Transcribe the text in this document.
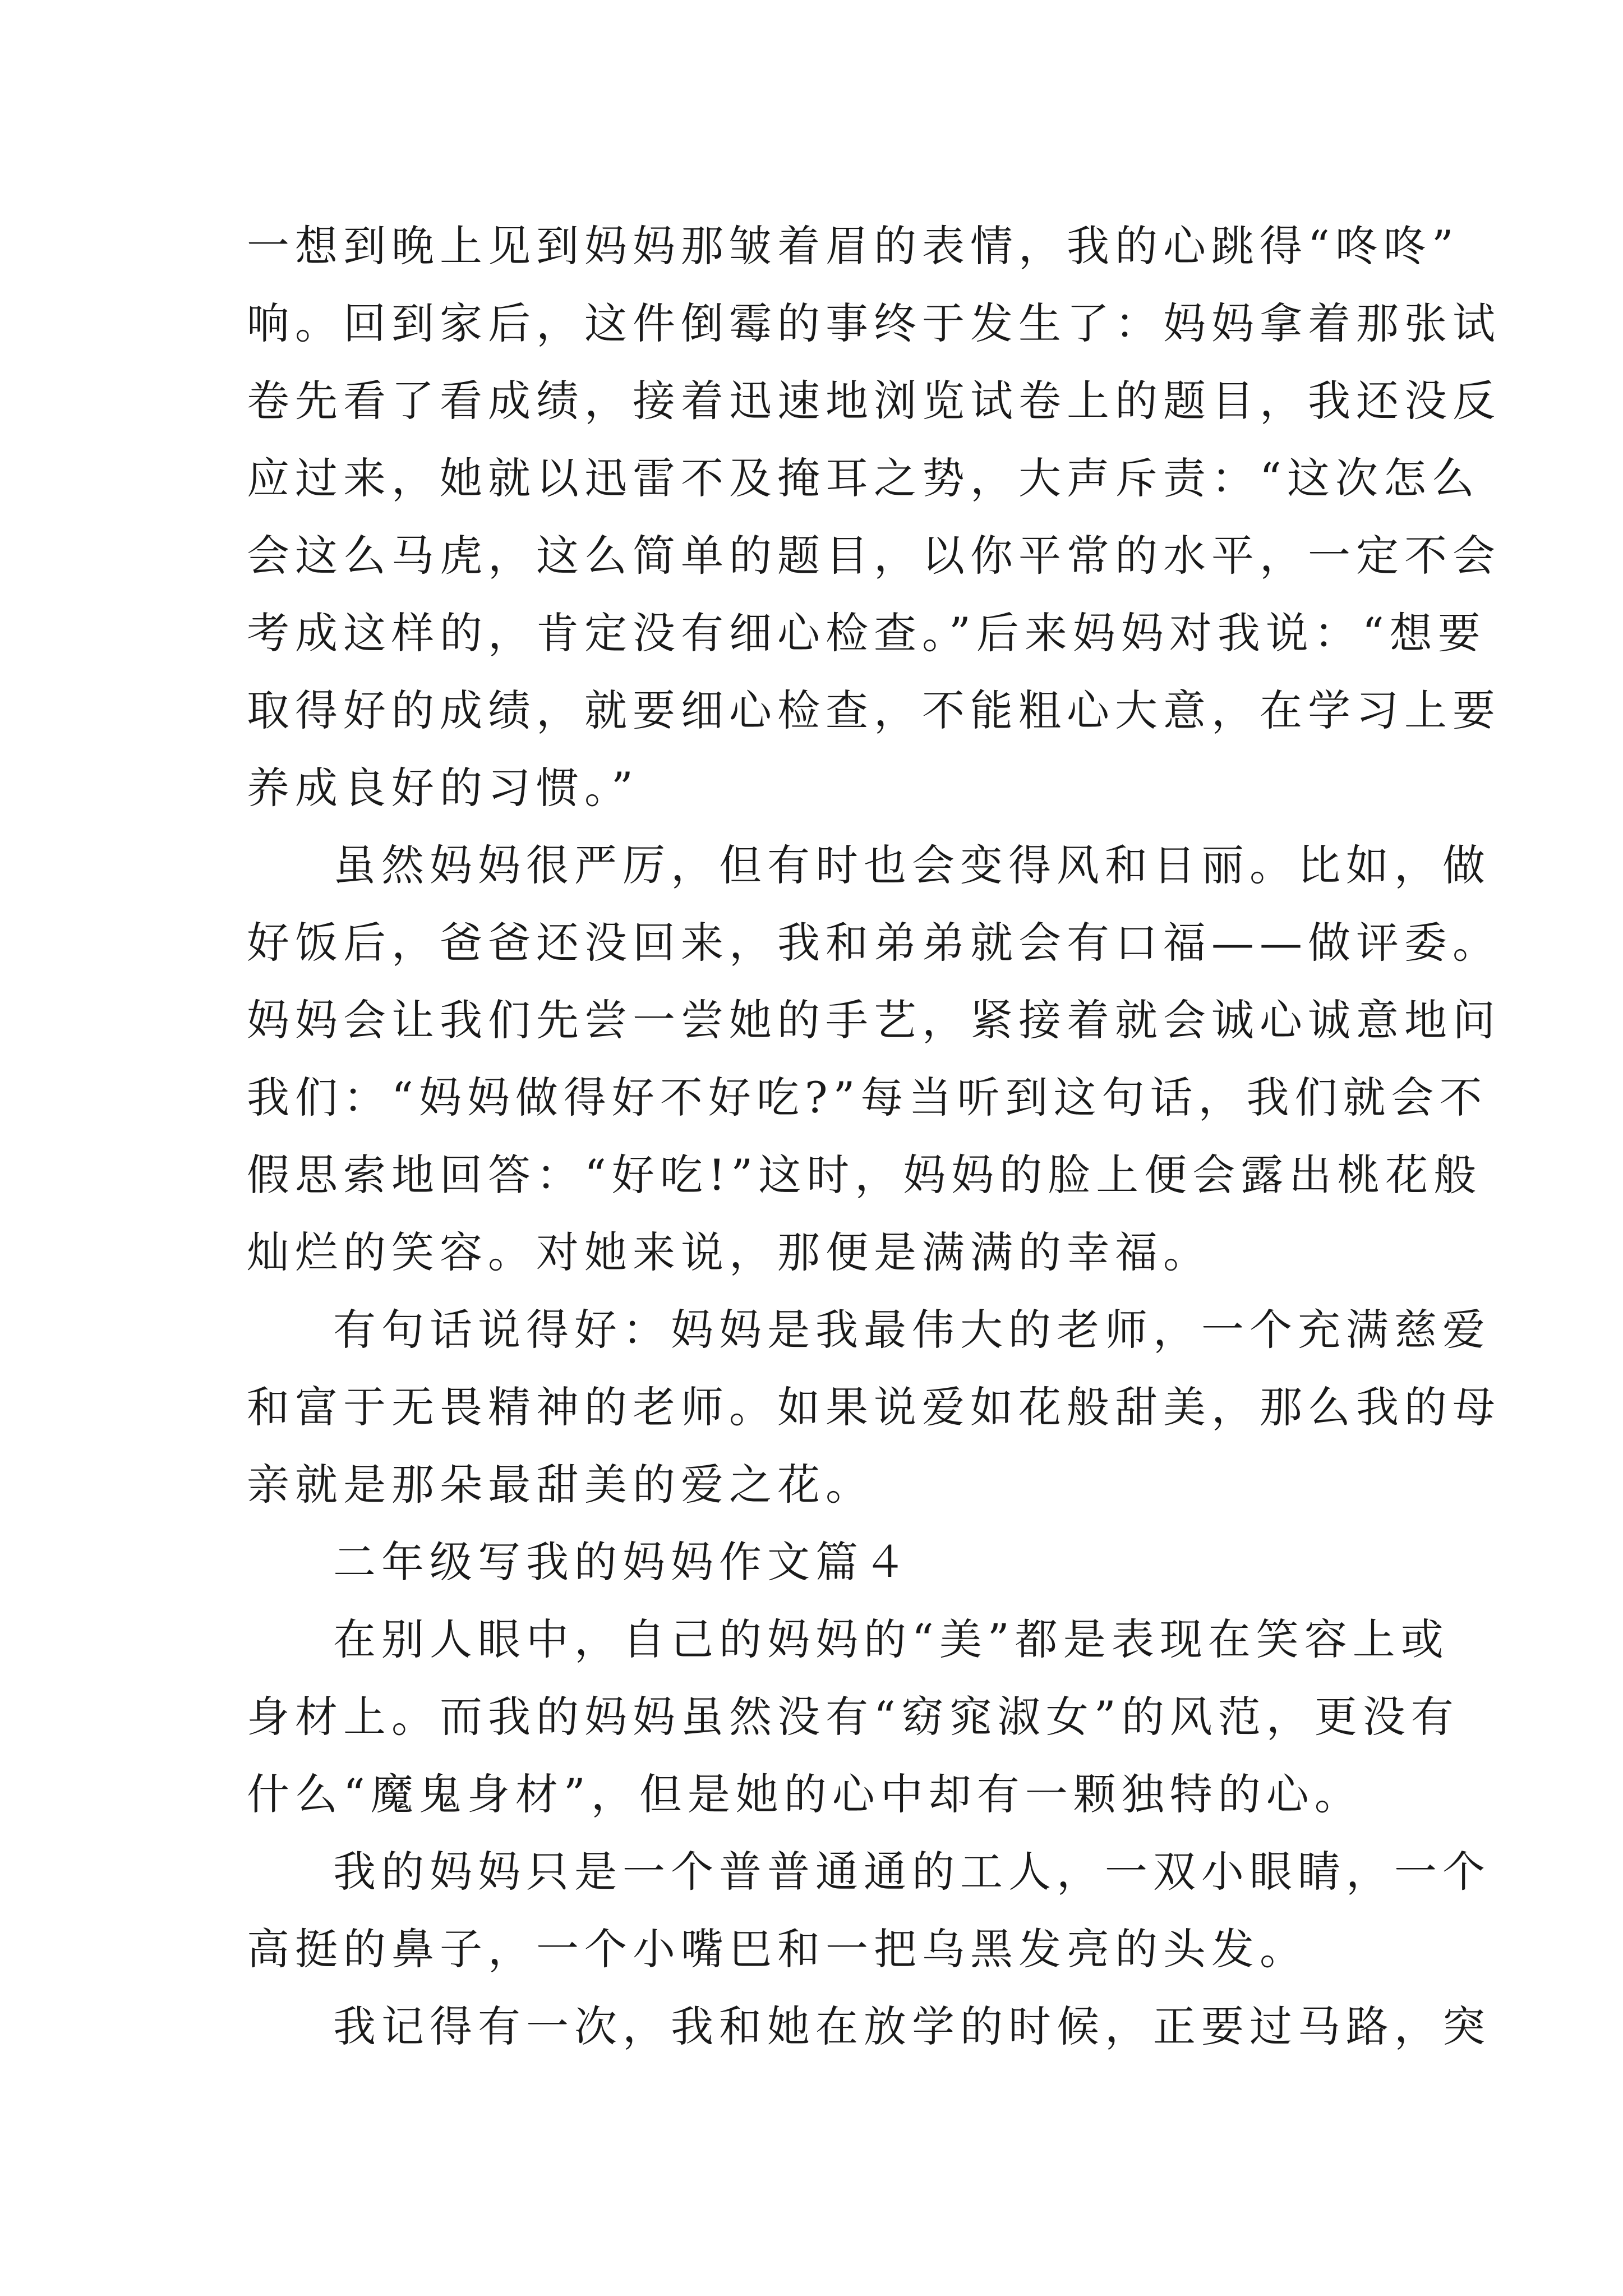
一想到晚上见到妈妈那皱着眉的表情，我的心跳得“咚咚”
响。回到家后，这件倒霉的事终于发生了：妈妈拿着那张试
卷先看了看成绩，接着迅速地浏览试卷上的题目，我还没反
应过来，她就以迅雷不及掩耳之势，大声斥责：“这次怎么
会这么马虎，这么简单的题目，以你平常的水平，一定不会
考成这样的，肯定没有细心检查。”后来妈妈对我说：“想要
取得好的成绩，就要细心检查，不能粗心大意，在学习上要
养成良好的习惯。”
虽然妈妈很严厉，但有时也会变得风和日丽。比如，做
好饭后，爸爸还没回来，我和弟弟就会有口福——做评委。
妈妈会让我们先尝一尝她的手艺，紧接着就会诚心诚意地问
我们：“妈妈做得好不好吃?”每当听到这句话，我们就会不
假思索地回答：“好吃!”这时，妈妈的脸上便会露出桃花般
灿烂的笑容。对她来说，那便是满满的幸福。
有句话说得好：妈妈是我最伟大的老师，一个充满慈爱
和富于无畏精神的老师。如果说爱如花般甜美，那么我的母
亲就是那朵最甜美的爱之花。
二年级写我的妈妈作文篇４
在别人眼中，自己的妈妈的“美”都是表现在笑容上或
身材上。而我的妈妈虽然没有“窈窕淑女”的风范，更没有
什么“魔鬼身材”，但是她的心中却有一颗独特的心。
我的妈妈只是一个普普通通的工人，一双小眼睛，一个
高挺的鼻子，一个小嘴巴和一把乌黑发亮的头发。
我记得有一次，我和她在放学的时候，正要过马路，突
